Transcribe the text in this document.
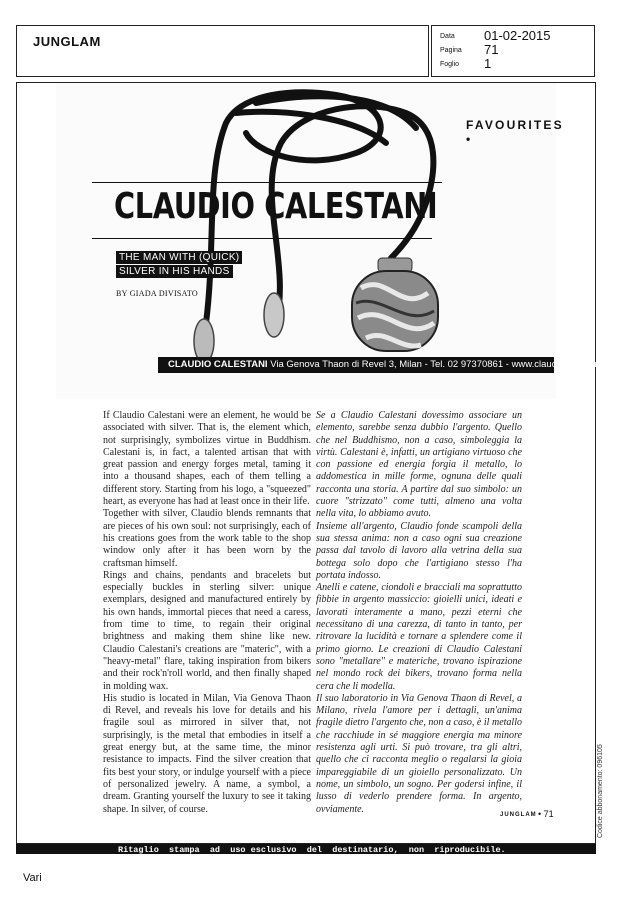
JUNGLAM	Data 01-02-2015
Pagina 71
Foglio 1
FAVOURITES •
CLAUDIO CALESTANI
THE MAN WITH (QUICK)
SILVER IN HIS HANDS
BY GIADA DIVISATO
CLAUDIO CALESTANI Via Genova Thaon di Revel 3, Milan - Tel. 02 97370861 - www.claudiocalestani.it

If Claudio Calestani were an element, he would be associated with silver. That is, the element which, not surprisingly, symbolizes virtue in Buddhism. Calestani is, in fact, a talented artisan that with great passion and energy forges metal, taming it into a thousand shapes, each of them telling a different story. Starting from his logo, a "squeezed" heart, as everyone has had at least once in their life.

Together with silver, Claudio blends remnants that are pieces of his own soul: not surprisingly, each of his creations goes from the work table to the shop window only after it has been worn by the craftsman himself.

Rings and chains, pendants and bracelets but especially buckles in sterling silver: unique exemplars, designed and manufactured entirely by his own hands, immortal pieces that need a caress, from time to time, to regain their original brightness and making them shine like new. Claudio Calestani's creations are "materic", with a "heavy-metal" flare, taking inspiration from bikers and their rock'n'roll world, and then finally shaped in molding wax.

His studio is located in Milan, Via Genova Thaon di Revel, and reveals his love for details and his fragile soul as mirrored in silver that, not surprisingly, is the metal that embodies in itself a great energy but, at the same time, the minor resistance to impacts. Find the silver creation that fits best your story, or indulge yourself with a piece of personalized jewelry. A name, a symbol, a dream. Granting yourself the luxury to see it taking shape. In silver, of course.

Se a Claudio Calestani dovessimo associare un elemento, sarebbe senza dubbio l'argento. Quello che nel Buddhismo, non a caso, simboleggia la virtù. Calestani è, infatti, un artigiano virtuoso che con passione ed energia forgia il metallo, lo addomestica in mille forme, ognuna delle quali racconta una storia. A partire dal suo simbolo: un cuore "strizzato" come tutti, almeno una volta nella vita, lo abbiamo avuto.

Insieme all'argento, Claudio fonde scampoli della sua stessa anima: non a caso ogni sua creazione passa dal tavolo di lavoro alla vetrina della sua bottega solo dopo che l'artigiano stesso l'ha portata indosso.

Anelli e catene, ciondoli e bracciali ma soprattutto fibbie in argento massiccio: gioielli unici, ideati e lavorati interamente a mano, pezzi eterni che necessitano di una carezza, di tanto in tanto, per ritrovare la lucidità e tornare a splendere come il primo giorno. Le creazioni di Claudio Calestani sono "metallare" e materiche, trovano ispirazione nel mondo rock dei bikers, trovano forma nella cera che li modella.

Il suo laboratorio in Via Genova Thaon di Revel, a Milano, rivela l'amore per i dettagli, un'anima fragile dietro l'argento che, non a caso, è il metallo che racchiude in sé maggiore energia ma minore resistenza agli urti. Si può trovare, tra gli altri, quello che ci racconta meglio o regalarsi la gioia impareggiabile di un gioiello personalizzato. Un nome, un simbolo, un sogno. Per godersi infine, il lusso di vederlo prendere forma. In argento, ovviamente.

JUNGLAM • 71
Ritaglio  stampa  ad  uso esclusivo  del  destinatario,  non  riproducibile.
Codice abbonamento: 096105
Vari
